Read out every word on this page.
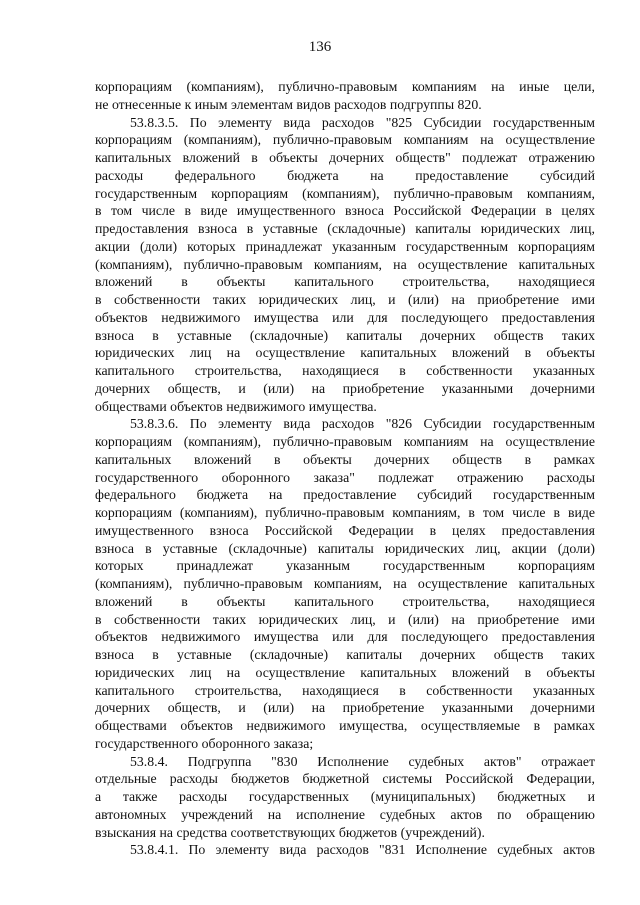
136
корпорациям (компаниям), публично-правовым компаниям на иные цели,
не отнесенные к иным элементам видов расходов подгруппы 820.
53.8.3.5. По элементу вида расходов "825 Субсидии государственным
корпорациям (компаниям), публично-правовым компаниям на осуществление
капитальных вложений в объекты дочерних обществ" подлежат отражению
расходы федерального бюджета на предоставление субсидий
государственным корпорациям (компаниям), публично-правовым компаниям,
в том числе в виде имущественного взноса Российской Федерации в целях
предоставления взноса в уставные (складочные) капиталы юридических лиц,
акции (доли) которых принадлежат указанным государственным корпорациям
(компаниям), публично-правовым компаниям, на осуществление капитальных
вложений в объекты капитального строительства, находящиеся
в собственности таких юридических лиц, и (или) на приобретение ими
объектов недвижимого имущества или для последующего предоставления
взноса в уставные (складочные) капиталы дочерних обществ таких
юридических лиц на осуществление капитальных вложений в объекты
капитального строительства, находящиеся в собственности указанных
дочерних обществ, и (или) на приобретение указанными дочерними
обществами объектов недвижимого имущества.
53.8.3.6. По элементу вида расходов "826 Субсидии государственным
корпорациям (компаниям), публично-правовым компаниям на осуществление
капитальных вложений в объекты дочерних обществ в рамках
государственного оборонного заказа" подлежат отражению расходы
федерального бюджета на предоставление субсидий государственным
корпорациям (компаниям), публично-правовым компаниям, в том числе в виде
имущественного взноса Российской Федерации в целях предоставления
взноса в уставные (складочные) капиталы юридических лиц, акции (доли)
которых принадлежат указанным государственным корпорациям
(компаниям), публично-правовым компаниям, на осуществление капитальных
вложений в объекты капитального строительства, находящиеся
в собственности таких юридических лиц, и (или) на приобретение ими
объектов недвижимого имущества или для последующего предоставления
взноса в уставные (складочные) капиталы дочерних обществ таких
юридических лиц на осуществление капитальных вложений в объекты
капитального строительства, находящиеся в собственности указанных
дочерних обществ, и (или) на приобретение указанными дочерними
обществами объектов недвижимого имущества, осуществляемые в рамках
государственного оборонного заказа;
53.8.4. Подгруппа "830 Исполнение судебных актов" отражает
отдельные расходы бюджетов бюджетной системы Российской Федерации,
а также расходы государственных (муниципальных) бюджетных и
автономных учреждений на исполнение судебных актов по обращению
взыскания на средства соответствующих бюджетов (учреждений).
53.8.4.1. По элементу вида расходов "831 Исполнение судебных актов
